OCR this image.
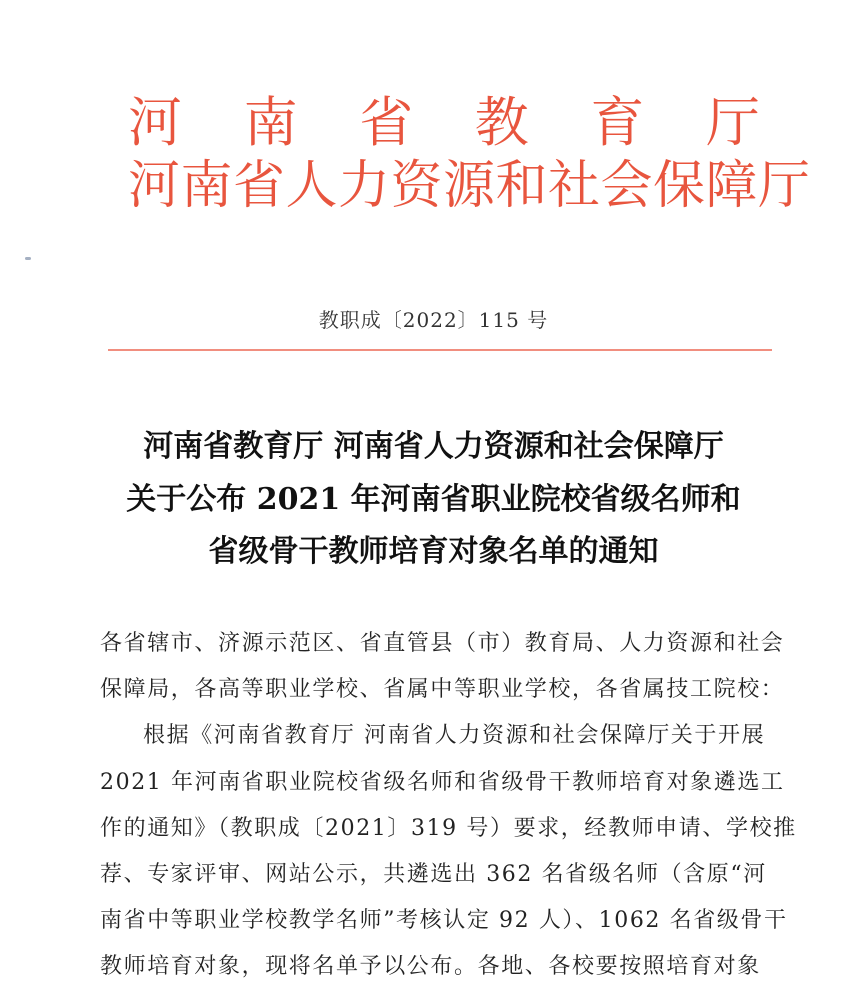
河 南 省 教 育 厅
河南省人力资源和社会保障厅
教职成〔2022〕115 号
河南省教育厅 河南省人力资源和社会保障厅
关于公布 2021 年河南省职业院校省级名师和
省级骨干教师培育对象名单的通知
各省辖市、济源示范区、省直管县（市）教育局、人力资源和社会
保障局，各高等职业学校、省属中等职业学校，各省属技工院校：
根据《河南省教育厅 河南省人力资源和社会保障厅关于开展
2021 年河南省职业院校省级名师和省级骨干教师培育对象遴选工
作的通知》（教职成〔2021〕319 号）要求，经教师申请、学校推
荐、专家评审、网站公示，共遴选出 362 名省级名师（含原“河
南省中等职业学校教学名师”考核认定 92 人）、1062 名省级骨干
教师培育对象，现将名单予以公布。各地、各校要按照培育对象
